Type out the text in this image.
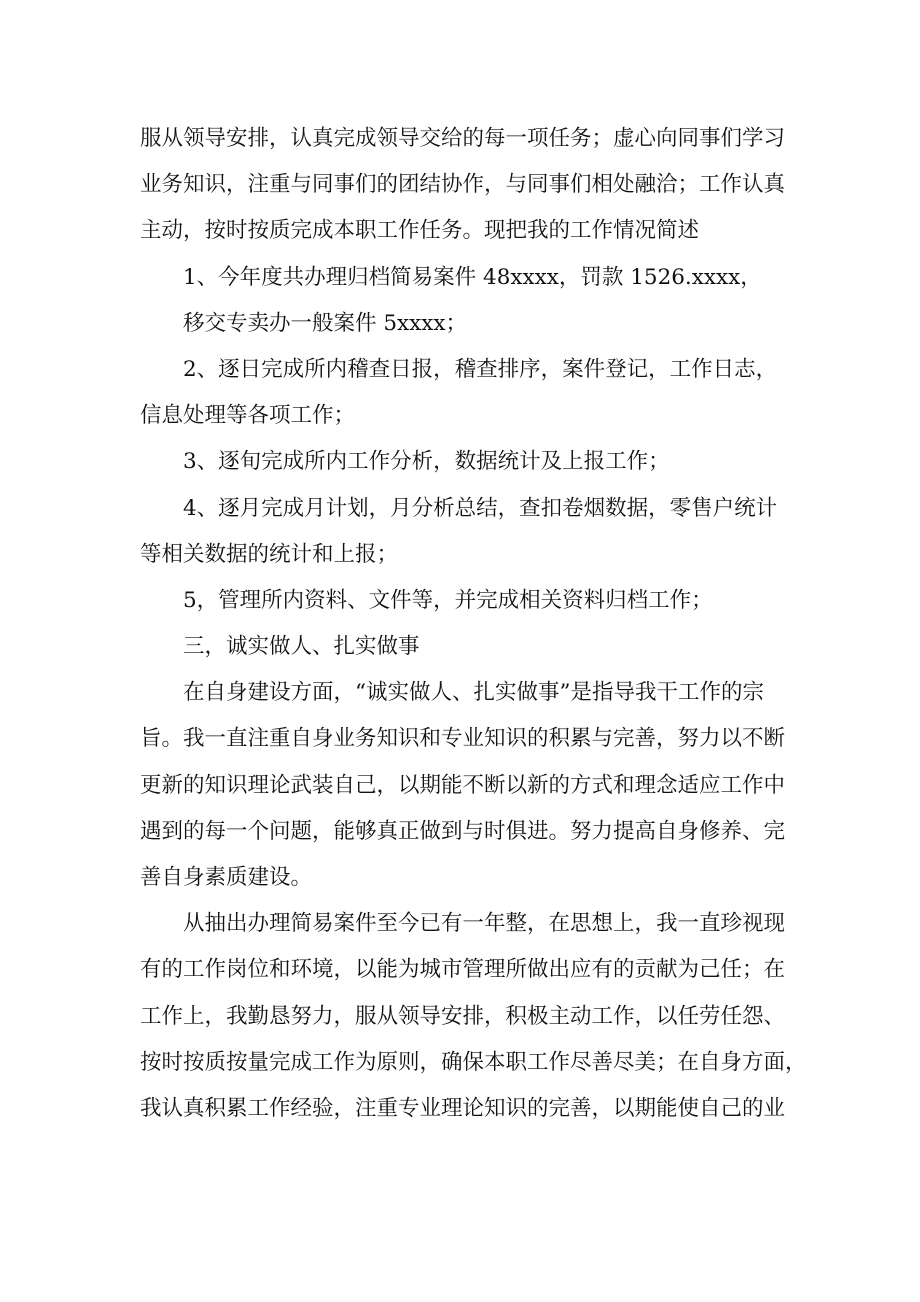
服从领导安排，认真完成领导交给的每一项任务；虚心向同事们学习
业务知识，注重与同事们的团结协作，与同事们相处融洽；工作认真
主动，按时按质完成本职工作任务。现把我的工作情况简述
1、今年度共办理归档简易案件 48xxxx，罚款 1526.xxxx，
移交专卖办一般案件 5xxxx；
2、逐日完成所内稽查日报，稽查排序，案件登记，工作日志，
信息处理等各项工作；
3、逐旬完成所内工作分析，数据统计及上报工作；
4、逐月完成月计划，月分析总结，查扣卷烟数据，零售户统计
等相关数据的统计和上报；
5，管理所内资料、文件等，并完成相关资料归档工作；
三，诚实做人、扎实做事
在自身建设方面，“诚实做人、扎实做事”是指导我干工作的宗
旨。我一直注重自身业务知识和专业知识的积累与完善，努力以不断
更新的知识理论武装自己，以期能不断以新的方式和理念适应工作中
遇到的每一个问题，能够真正做到与时俱进。努力提高自身修养、完
善自身素质建设。
从抽出办理简易案件至今已有一年整，在思想上，我一直珍视现
有的工作岗位和环境，以能为城市管理所做出应有的贡献为己任；在
工作上，我勤恳努力，服从领导安排，积极主动工作，以任劳任怨、
按时按质按量完成工作为原则，确保本职工作尽善尽美；在自身方面，
我认真积累工作经验，注重专业理论知识的完善，以期能使自己的业
